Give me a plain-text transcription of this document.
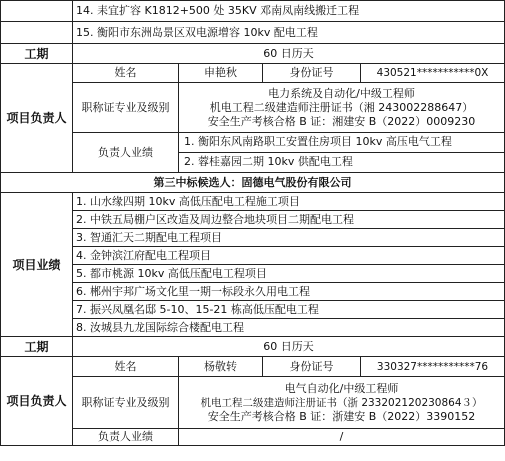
	14. 耒宜扩容 K1812+500 处 35KV 邓南凤南线搬迁工程			
	15. 衡阳市东洲岛景区双电源增容 10kv 配电工程			
工期	60 日历天			
项目负责人	姓名	申艳秋	身份证号	430521***********0X
	职称证专业及级别	电力系统及自动化/中级工程师
机电工程二级建造师注册证书（湘 243002288647）
安全生产考核合格 B 证：湘建安 B（2022）0009230		

	负责人业绩	1. 衡阳东风南路职工安置住房项目 10kv 高压电气工程
2. 蓉桂嘉园二期 10kv 供配电工程		

第三中标候选人：固德电气股份有限公司				
项目业绩	1. 山水缘四期 10kv 高低压配电工程施工项目			
	2. 中铁五局棚户区改造及周边整合地块项目二期配电工程			
	3. 智通汇天二期配电工程项目			
	4. 金钟滨江府配电工程项目			
	5. 都市桃源 10kv 高低压配电工程项目			
	6. 郴州宇邦广场文化里一期一标段永久用电工程			
	7. 振兴凤凰名邸 5-10、15-21 栋高低压配电工程			
	8. 汝城县九龙国际综合楼配电工程			
工期	60 日历天			
项目负责人	姓名	杨敬转	身份证号	330327***********76
	职称证专业及级别	电气自动化/中级工程师
机电工程二级建造师注册证书（浙 233202120230864３）
安全生产考核合格 B 证：浙建安 B（2022）3390152		

	负责人业绩	/		
